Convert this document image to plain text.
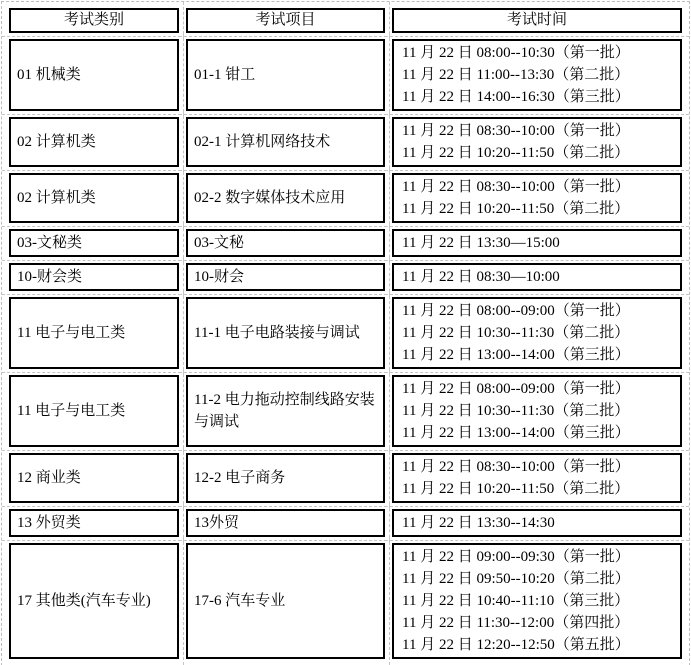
考试类别	考试项目	考试时间
01 机械类	01-1 钳工	11 月 22 日 08:00--10:30（第一批）
11 月 22 日 11:00--13:30（第二批）
11 月 22 日 14:00--16:30（第三批）

02 计算机类	02-1 计算机网络技术	11 月 22 日 08:30--10:00（第一批）
11 月 22 日 10:20--11:50（第二批）

02 计算机类	02-2 数字媒体技术应用	11 月 22 日 08:30--10:00（第一批）
11 月 22 日 10:20--11:50（第二批）

03-文秘类	03-文秘	11 月 22 日 13:30—15:00

10-财会类	10-财会	11 月 22 日 08:30—10:00

11 电子与电工类	11-1 电子电路装接与调试	11 月 22 日 08:00--09:00（第一批）
11 月 22 日 10:30--11:30（第二批）
11 月 22 日 13:00--14:00（第三批）

11 电子与电工类	11-2 电力拖动控制线路安装与调试	11 月 22 日 08:00--09:00（第一批）
11 月 22 日 10:30--11:30（第二批）
11 月 22 日 13:00--14:00（第三批）

12 商业类	12-2 电子商务	11 月 22 日 08:30--10:00（第一批）
11 月 22 日 10:20--11:50（第二批）

13 外贸类	13外贸	11 月 22 日 13:30--14:30

17 其他类(汽车专业)	17-6 汽车专业	11 月 22 日 09:00--09:30（第一批）
11 月 22 日 09:50--10:20（第二批）
11 月 22 日 10:40--11:10（第三批）
11 月 22 日 11:30--12:00（第四批）
11 月 22 日 12:20--12:50（第五批）
